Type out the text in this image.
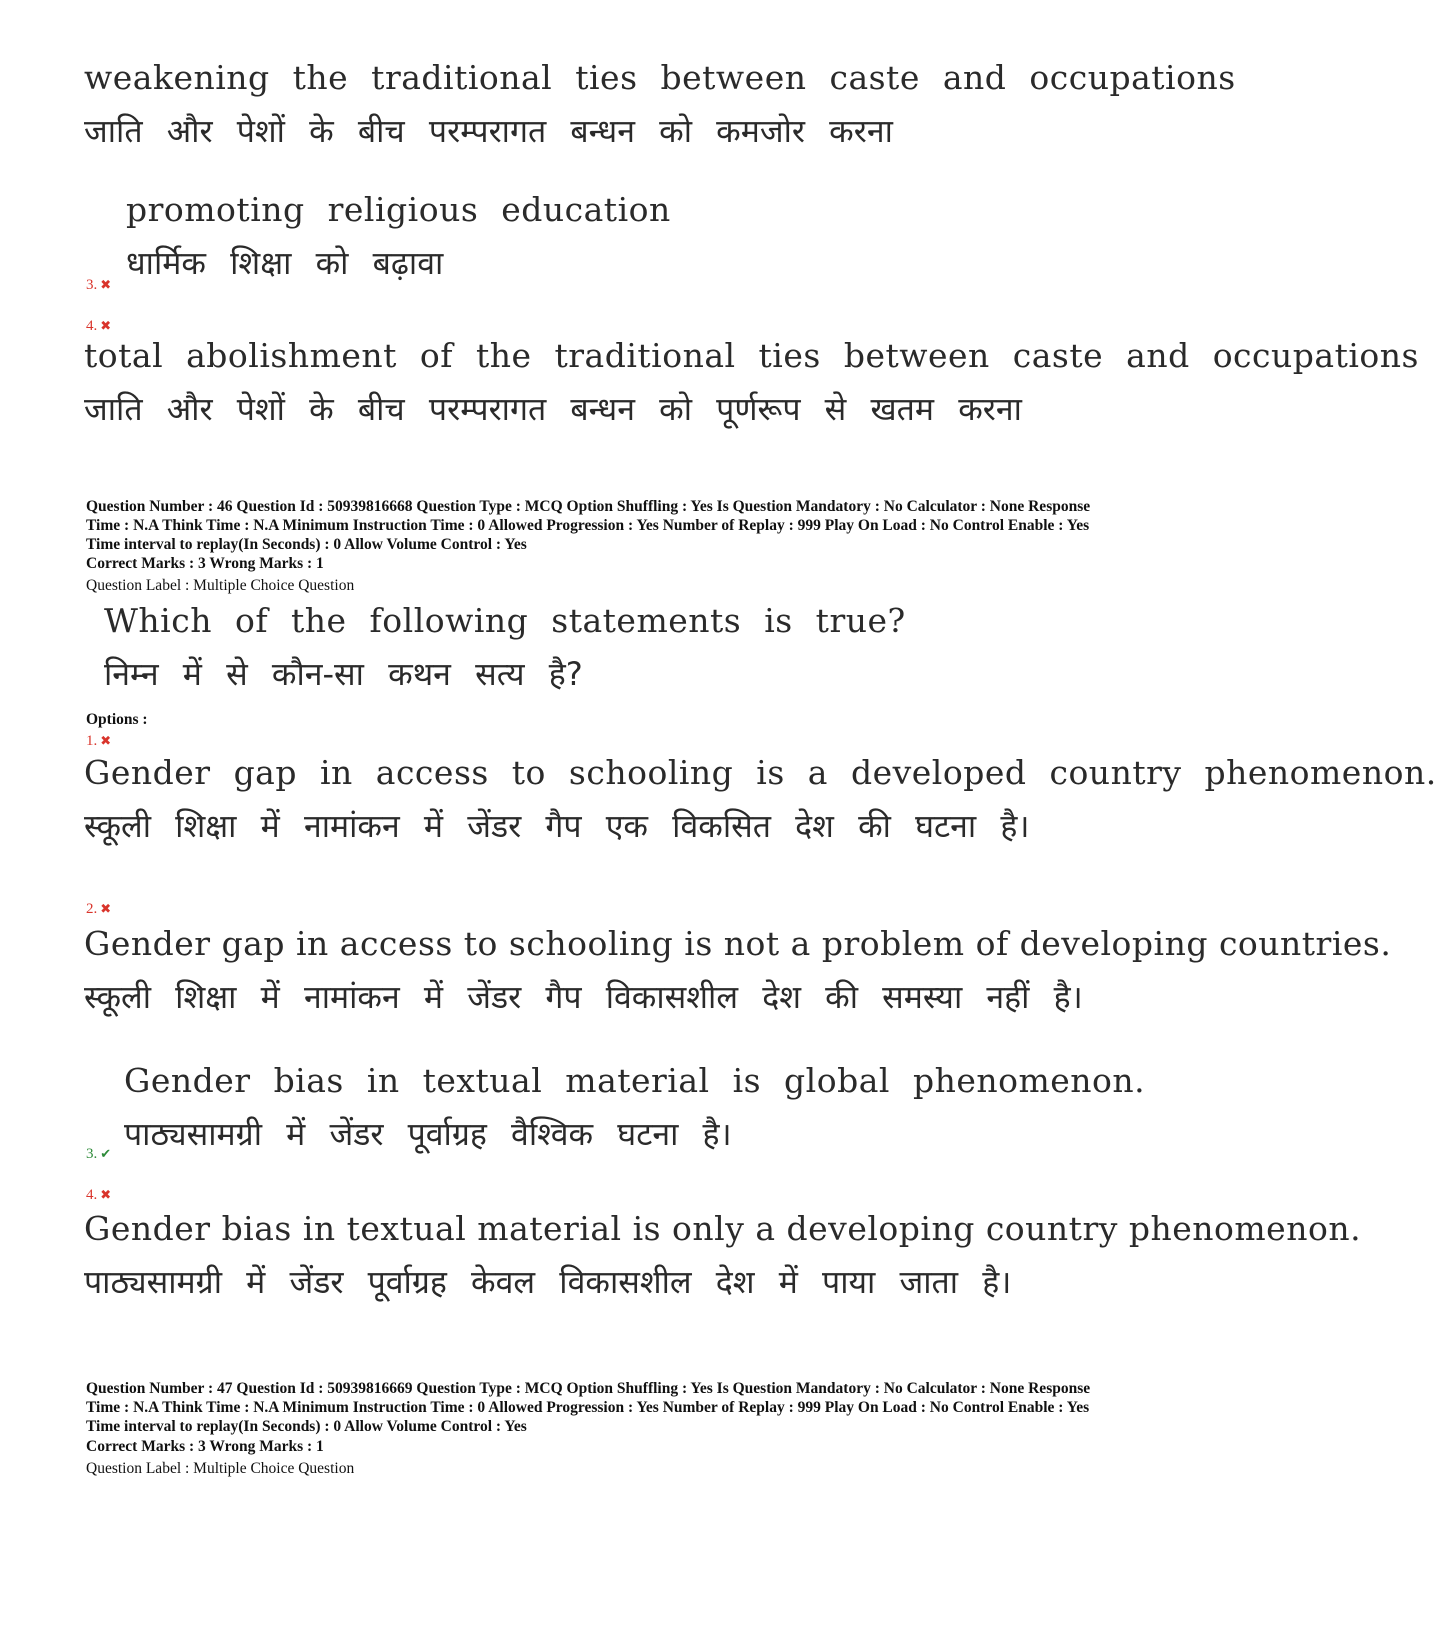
weakening the traditional ties between caste and occupations
जाति और पेशों के बीच परम्परागत बन्धन को कमजोर करना
promoting religious education
धार्मिक शिक्षा को बढ़ावा
3. ✖
4. ✖
total abolishment of the traditional ties between caste and occupations
जाति और पेशों के बीच परम्परागत बन्धन को पूर्णरूप से खतम करना
Question Number : 46 Question Id : 50939816668 Question Type : MCQ Option Shuffling : Yes Is Question Mandatory : No Calculator : None Response
Time : N.A Think Time : N.A Minimum Instruction Time : 0 Allowed Progression : Yes Number of Replay : 999 Play On Load : No Control Enable : Yes
Time interval to replay(In Seconds) : 0 Allow Volume Control : Yes
Correct Marks : 3 Wrong Marks : 1
Question Label : Multiple Choice Question
Which of the following statements is true?
निम्न में से कौन-सा कथन सत्य है?
Options :
1. ✖
Gender gap in access to schooling is a developed country phenomenon.
स्कूली शिक्षा में नामांकन में जेंडर गैप एक विकसित देश की घटना है।
2. ✖
Gender gap in access to schooling is not a problem of developing countries.
स्कूली शिक्षा में नामांकन में जेंडर गैप विकासशील देश की समस्या नहीं है।
Gender bias in textual material is global phenomenon.
पाठ्यसामग्री में जेंडर पूर्वाग्रह वैश्विक घटना है।
3. ✔
4. ✖
Gender bias in textual material is only a developing country phenomenon.
पाठ्यसामग्री में जेंडर पूर्वाग्रह केवल विकासशील देश में पाया जाता है।
Question Number : 47 Question Id : 50939816669 Question Type : MCQ Option Shuffling : Yes Is Question Mandatory : No Calculator : None Response
Time : N.A Think Time : N.A Minimum Instruction Time : 0 Allowed Progression : Yes Number of Replay : 999 Play On Load : No Control Enable : Yes
Time interval to replay(In Seconds) : 0 Allow Volume Control : Yes
Correct Marks : 3 Wrong Marks : 1
Question Label : Multiple Choice Question
